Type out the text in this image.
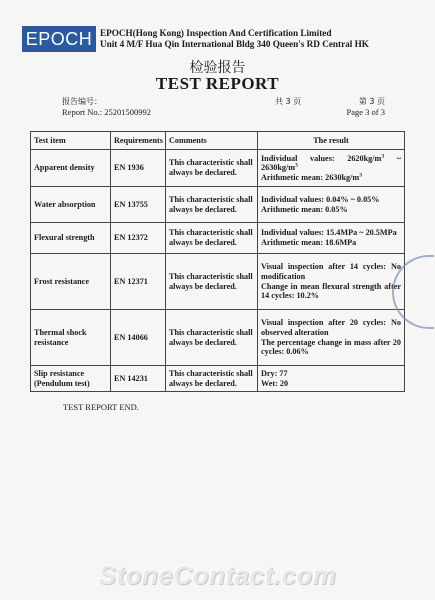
EPOCH EPOCH(Hong Kong) Inspection And Certification Limited
Unit 4 M/F Hua Qin International Bldg 340 Queen's RD Central HK
检验报告
TEST REPORT
报告编号：
Report No.: 25201500992
共 3 页	第 3 页
Page 3 of 3
Test item	Requirements	Comments	The result
Apparent density	EN 1936	This characteristic shall always be declared.	Individual values: $2620kg/m^3$ ~ $2630kg/m^3$
Arithmetic mean: $2630kg/m^3$
Water absorption	EN 13755	This characteristic shall always be declared.	Individual values: 0.04% ~ 0.05%
Arithmetic mean: 0.05%

Flexural strength	EN 12372	This characteristic shall always be declared.	Individual values: 15.4MPa ~ 20.5MPa
Arithmetic mean: 18.6MPa

Frost resistance	EN 12371	This characteristic shall always be declared.	Visual inspection after 14 cycles: No modification
Change in mean flexural strength after 14 cycles: 10.2%

Thermal shock resistance	EN 14066	This characteristic shall always be declared.	Visual inspection after 20 cycles: No observed alteration
The percentage change in mass after 20 cycles: 0.06%

Slip resistance (Pendulum test)	EN 14231	This characteristic shall always be declared.	Dry: 77
Wet: 20
TEST REPORT END.
StoneContact.com
